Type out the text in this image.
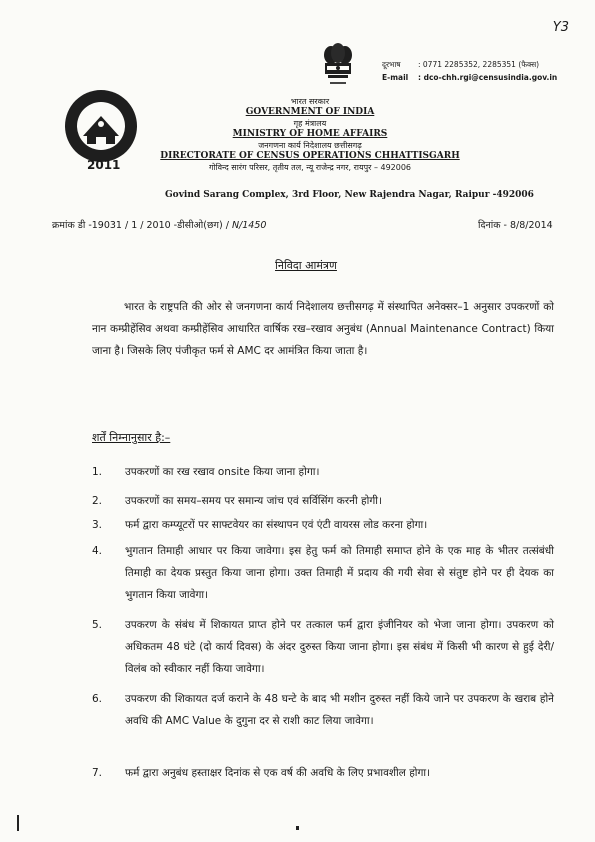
Y3
2011
दूरभाष : 0771 2285352, 2285351 (फैक्स)
E-mail : dco-chh.rgi@censusindia.gov.in
भारत सरकार
GOVERNMENT OF INDIA
गृह मंत्रालय
MINISTRY OF HOME AFFAIRS
जनगणना कार्य निदेशालय छत्तीसगढ़
DIRECTORATE OF CENSUS OPERATIONS CHHATTISGARH
गोविन्द सारंग परिसर, तृतीय तल, न्यू राजेन्द्र नगर, रायपुर – 492006
Govind Sarang Complex, 3rd Floor, New Rajendra Nagar, Raipur -492006
क्रमांक डी -19031 / 1 / 2010 -डीसीओ(छग) / N/1450	दिनांक - 8/8/2014
निविदा आमंत्रण
भारत के राष्ट्रपति की ओर से जनगणना कार्य निदेशालय छत्तीसगढ़ में संस्थापित अनेक्सर–1 अनुसार उपकरणों को नान कम्प्रीहेंसिव अथवा कम्प्रीहेंसिव आधारित वार्षिक रख–रखाव अनुबंध (Annual Maintenance Contract) किया जाना है। जिसके लिए पंजीकृत फर्म से AMC दर आमंत्रित किया जाता है।
शर्तें निम्नानुसार है:–
1.	उपकरणों का रख रखाव onsite किया जाना होगा।
2.	उपकरणों का समय–समय पर समान्य जांच एवं सर्विसिंग करनी होगी।
3.	फर्म द्वारा कम्प्यूटरों पर साफ्टवेयर का संस्थापन एवं एंटी वायरस लोड करना होगा।
4.	भुगतान तिमाही आधार पर किया जावेगा। इस हेतु फर्म को तिमाही समाप्त होने के एक माह के भीतर तत्संबंधी तिमाही का देयक प्रस्तुत किया जाना होगा। उक्त तिमाही में प्रदाय की गयी सेवा से संतुष्ट होने पर ही देयक का भुगतान किया जावेगा।
5.	उपकरण के संबंध में शिकायत प्राप्त होने पर तत्काल फर्म द्वारा इंजीनियर को भेजा जाना होगा। उपकरण को अधिकतम 48 घंटे (दो कार्य दिवस) के अंदर दुरुस्त किया जाना होगा। इस संबंध में किसी भी कारण से हुई देरी/विलंब को स्वीकार नहीं किया जावेगा।
6.	उपकरण की शिकायत दर्ज कराने के 48 घन्टे के बाद भी मशीन दुरुस्त नहीं किये जाने पर उपकरण के खराब होने अवधि की AMC Value के दुगुना दर से राशी काट लिया जावेगा।
7.	फर्म द्वारा अनुबंध हस्ताक्षर दिनांक से एक वर्ष की अवधि के लिए प्रभावशील होगा।
